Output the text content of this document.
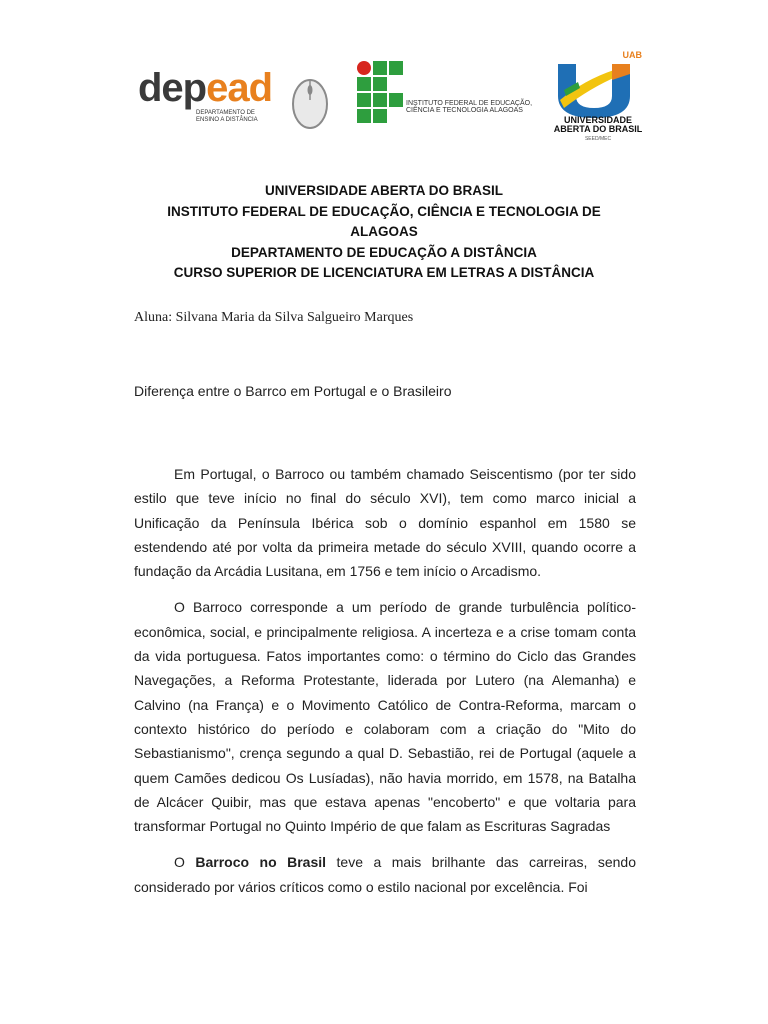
depead
DEPARTAMENTO DE ENSINO A DISTÂNCIA
INSTITUTO FEDERAL DE EDUCAÇÃO, CIÊNCIA E TECNOLOGIA ALAGOAS
UAB
UNIVERSIDADE
ABERTA DO BRASIL
SEED/MEC
UNIVERSIDADE ABERTA DO BRASIL
INSTITUTO FEDERAL DE EDUCAÇÃO, CIÊNCIA E TECNOLOGIA DE
ALAGOAS
DEPARTAMENTO DE EDUCAÇÃO A DISTÂNCIA
CURSO SUPERIOR DE LICENCIATURA EM LETRAS A DISTÂNCIA
Aluna: Silvana Maria da Silva Salgueiro Marques
Diferença entre o Barrco em Portugal e o Brasileiro

Em Portugal, o Barroco ou também chamado Seiscentismo (por ter sido estilo que teve início no final do século XVI), tem como marco inicial a Unificação da Península Ibérica sob o domínio espanhol em 1580 se estendendo até por volta da primeira metade do século XVIII, quando ocorre a fundação da Arcádia Lusitana, em 1756 e tem início o Arcadismo.

O Barroco corresponde a um período de grande turbulência político-econômica, social, e principalmente religiosa. A incerteza e a crise tomam conta da vida portuguesa. Fatos importantes como: o término do Ciclo das Grandes Navegações, a Reforma Protestante, liderada por Lutero (na Alemanha) e Calvino (na França) e o Movimento Católico de Contra-Reforma, marcam o contexto histórico do período e colaboram com a criação do "Mito do Sebastianismo", crença segundo a qual D. Sebastião, rei de Portugal (aquele a quem Camões dedicou Os Lusíadas), não havia morrido, em 1578, na Batalha de Alcácer Quibir, mas que estava apenas "encoberto" e que voltaria para transformar Portugal no Quinto Império de que falam as Escrituras Sagradas

O Barroco no Brasil teve a mais brilhante das carreiras, sendo considerado por vários críticos como o estilo nacional por excelência. Foi
